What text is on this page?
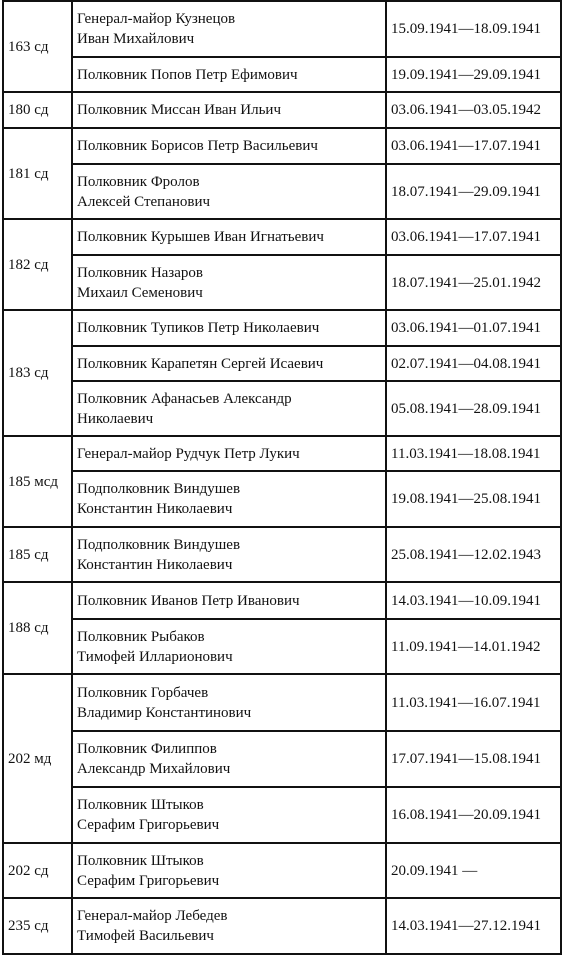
163 сд	Генерал-майор Кузнецов
Иван Михайлович	15.09.1941—18.09.1941

	Полковник Попов Петр Ефимович	19.09.1941—29.09.1941
180 сд	Полковник Миссан Иван Ильич	03.06.1941—03.05.1942
181 сд	Полковник Борисов Петр Васильевич	03.06.1941—17.07.1941

	Полковник Фролов
Алексей Степанович	18.07.1941—29.09.1941
182 сд	Полковник Курышев Иван Игнатьевич	03.06.1941—17.07.1941

	Полковник Назаров
Михаил Семенович	18.07.1941—25.01.1942
183 сд	Полковник Тупиков Петр Николаевич	03.06.1941—01.07.1941

	Полковник Карапетян Сергей Исаевич	02.07.1941—04.08.1941

	Полковник Афанасьев Александр
Николаевич	05.08.1941—28.09.1941
185 мсд	Генерал-майор Рудчук Петр Лукич	11.03.1941—18.08.1941

	Подполковник Виндушев
Константин Николаевич	19.08.1941—25.08.1941
185 сд	Подполковник Виндушев
Константин Николаевич	25.08.1941—12.02.1943
188 сд	Полковник Иванов Петр Иванович	14.03.1941—10.09.1941

	Полковник Рыбаков
Тимофей Илларионович	11.09.1941—14.01.1942
202 мд	Полковник Горбачев
Владимир Константинович	11.03.1941—16.07.1941

	Полковник Филиппов
Александр Михайлович	17.07.1941—15.08.1941

	Полковник Штыков
Серафим Григорьевич	16.08.1941—20.09.1941
202 сд	Полковник Штыков
Серафим Григорьевич	20.09.1941 —
235 сд	Генерал-майор Лебедев
Тимофей Васильевич	14.03.1941—27.12.1941
